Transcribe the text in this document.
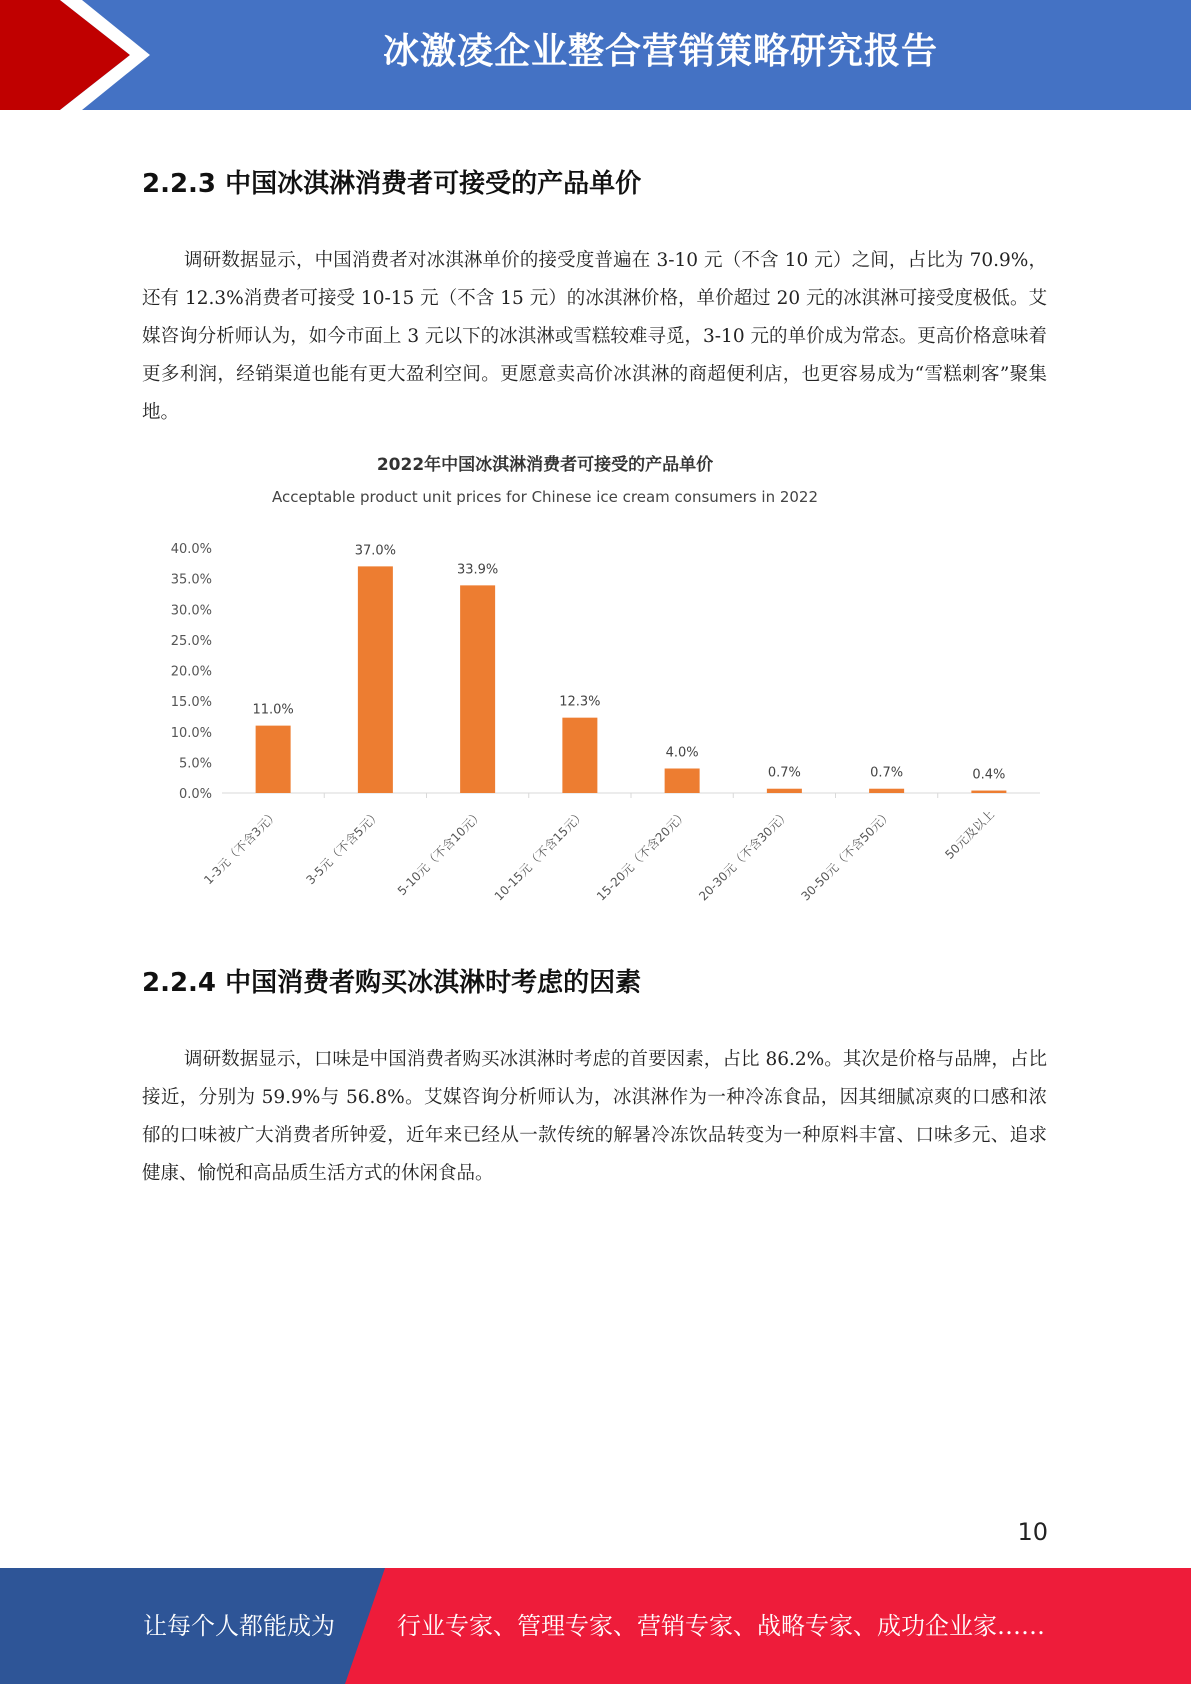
冰激凌企业整合营销策略研究报告
2.2.3 中国冰淇淋消费者可接受的产品单价

调研数据显示，中国消费者对冰淇淋单价的接受度普遍在 3-10 元（不含 10 元）之间，占比为 70.9%，还有 12.3%消费者可接受 10-15 元（不含 15 元）的冰淇淋价格，单价超过 20 元的冰淇淋可接受度极低。艾媒咨询分析师认为，如今市面上 3 元以下的冰淇淋或雪糕较难寻觅，3-10 元的单价成为常态。更高价格意味着更多利润，经销渠道也能有更大盈利空间。更愿意卖高价冰淇淋的商超便利店，也更容易成为“雪糕刺客”聚集地。

2022年中国冰淇淋消费者可接受的产品单价
Acceptable product unit prices for Chinese ice cream consumers in 2022
0.0%
5.0%
10.0%
15.0%
20.0%
25.0%
30.0%
35.0%
40.0%
11.0%
37.0%
33.9%
12.3%
4.0%
0.7%	0.7%	0.4%
1-3元（不含3元） 3-5元（不含5元） 5-10元（不含10元） 10-15元（不含15元） 15-20元（不含20元） 20-30元（不含30元） 30-50元（不含50元）	50元及以上
2.2.4 中国消费者购买冰淇淋时考虑的因素

调研数据显示，口味是中国消费者购买冰淇淋时考虑的首要因素，占比 86.2%。其次是价格与品牌，占比接近，分别为 59.9%与 56.8%。艾媒咨询分析师认为，冰淇淋作为一种冷冻食品，因其细腻凉爽的口感和浓郁的口味被广大消费者所钟爱，近年来已经从一款传统的解暑冷冻饮品转变为一种原料丰富、口味多元、追求健康、愉悦和高品质生活方式的休闲食品。

10
让每个人都能成为	行业专家、管理专家、营销专家、战略专家、成功企业家……
